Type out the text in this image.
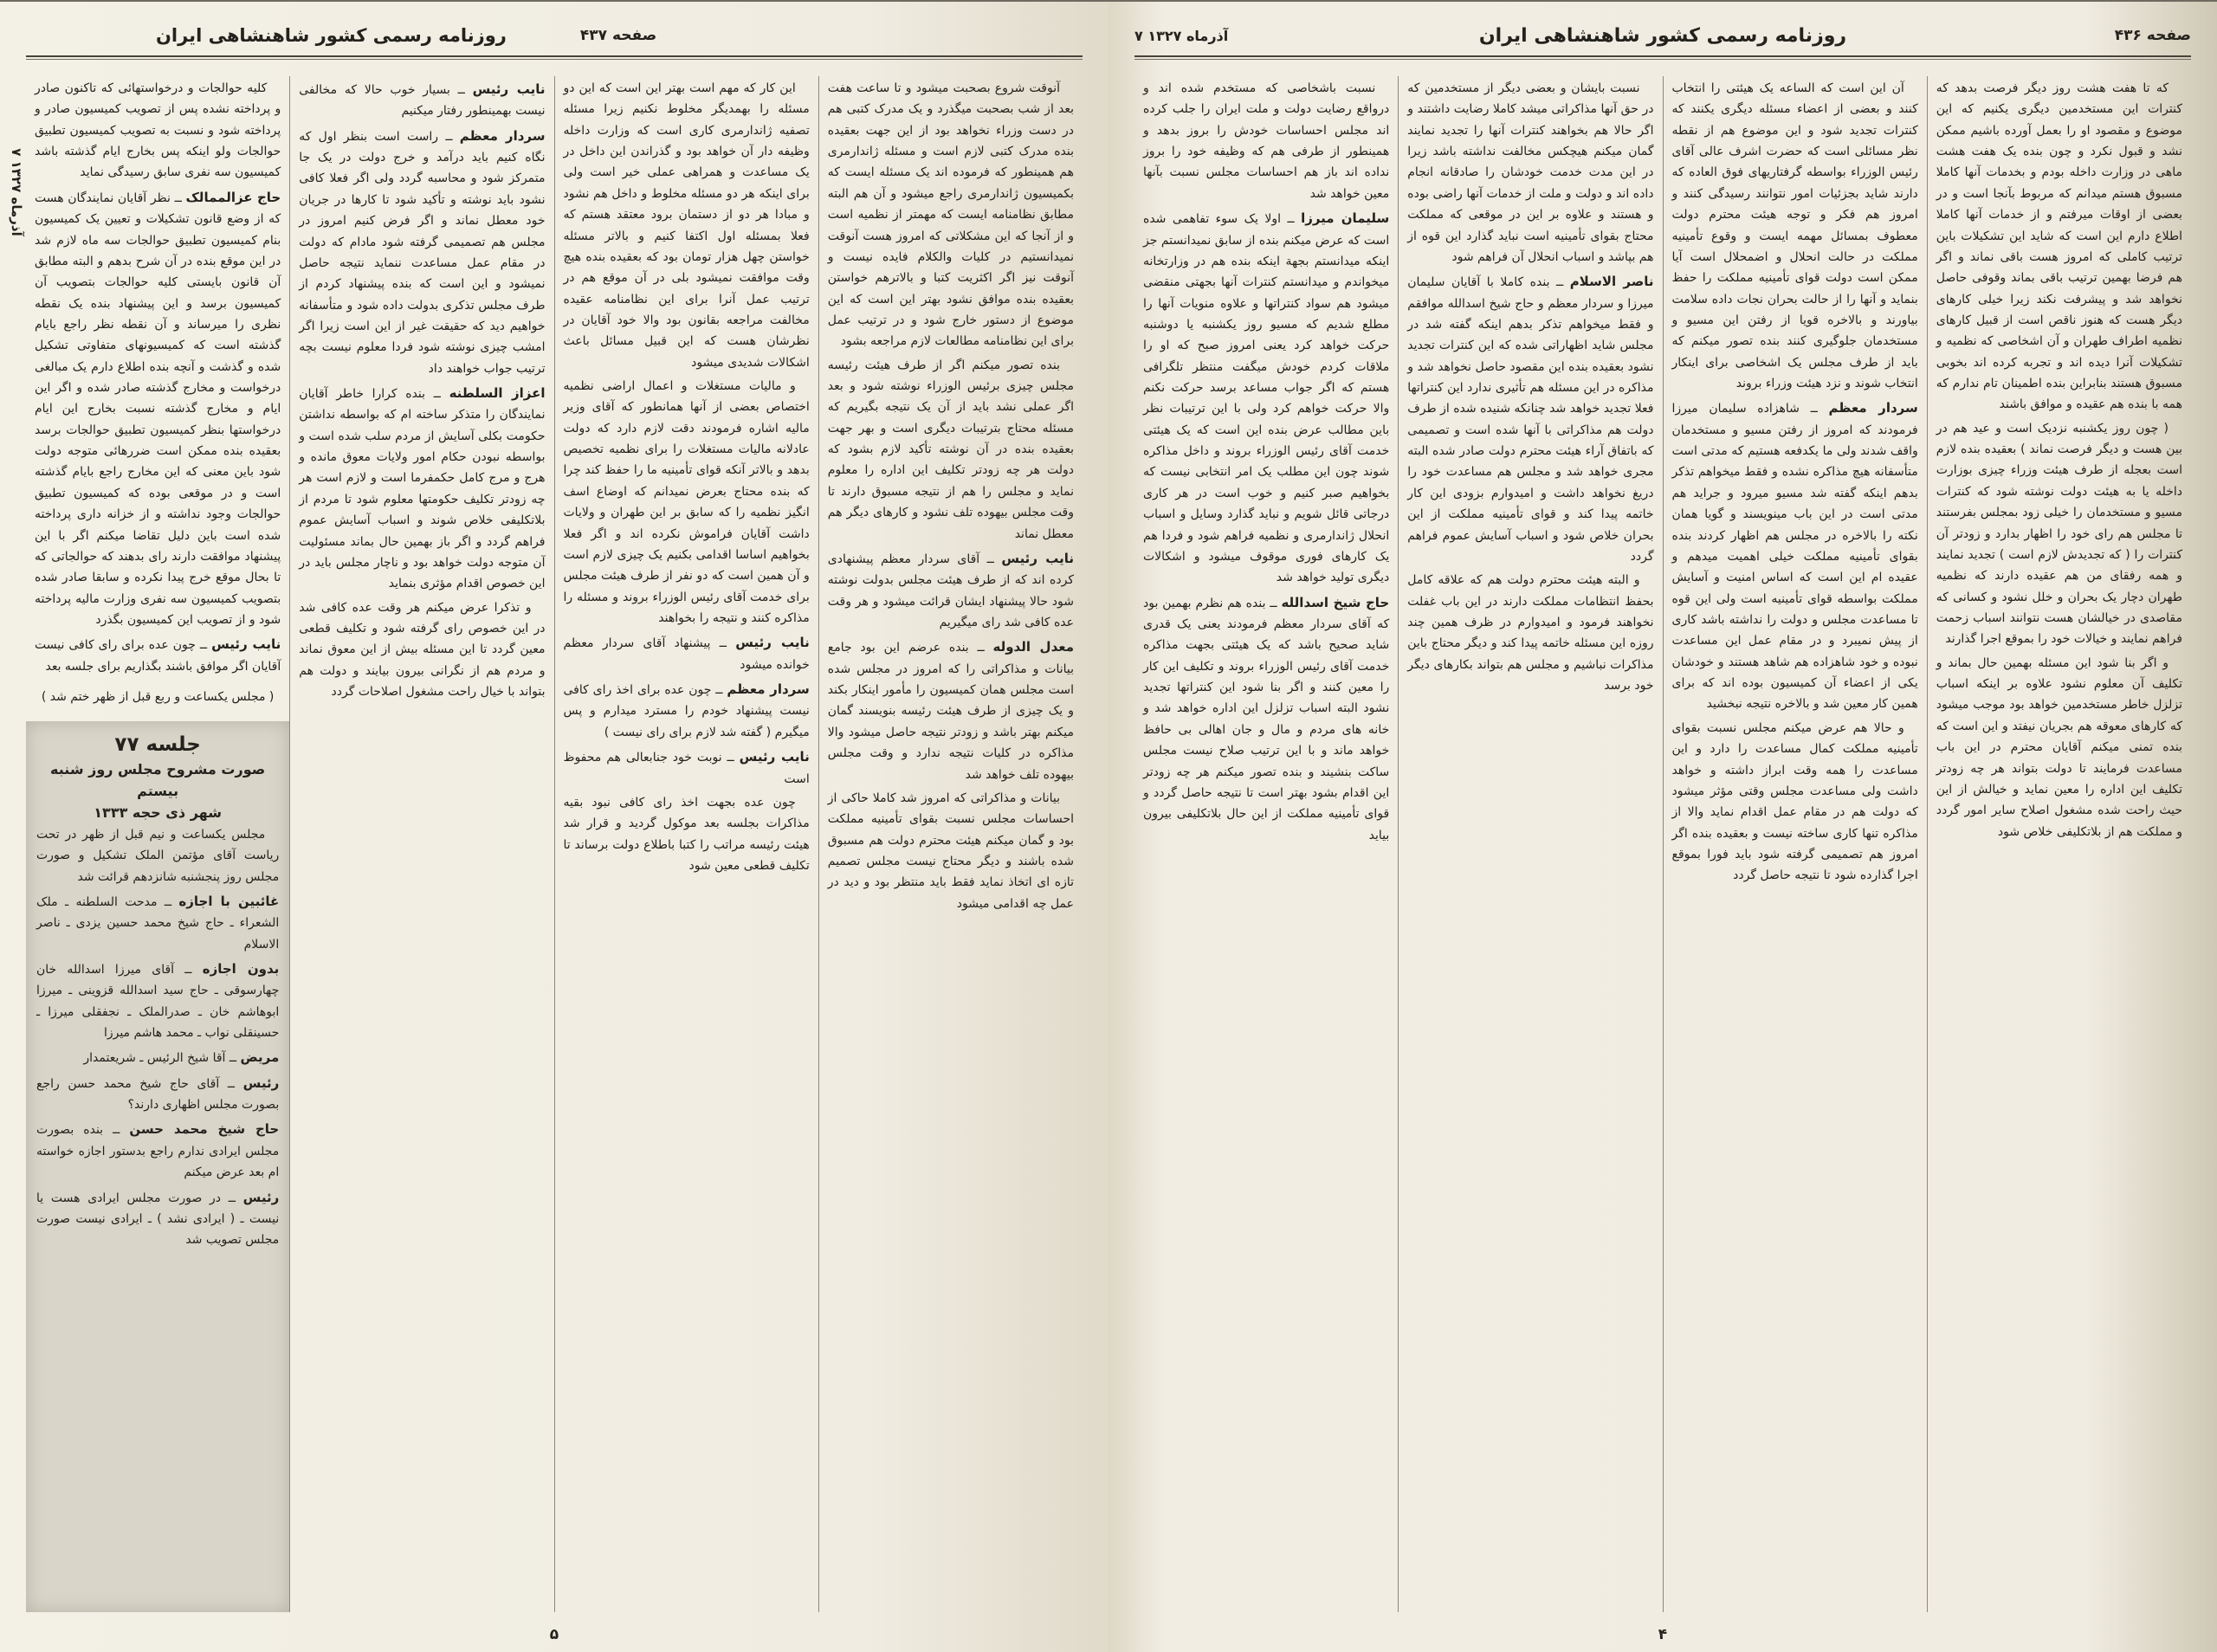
۷ آذرماه ۱۳۲۷
روزنامه رسمی کشور شاهنشاهی ایران	صفحه ۴۳۷

آنوقت شروع بصحبت میشود و تا ساعت هفت بعد از شب بصحبت میگذرد و یک مدرک کتبی هم در دست وزراء نخواهد بود از این جهت بعقیده بنده مدرک کتبی لازم است و مسئله ژاندارمری هم همینطور که فرموده اند یک مسئله ایست که بکمیسیون ژاندارمری راجع میشود و آن هم البته مطابق نظامنامه ایست که مهمتر از نظمیه است و از آنجا که این مشکلاتی که امروز هست آنوقت نمیدانستیم در کلیات والکلام فایده نیست و آنوقت نیز اگر اکثریت کتبا و بالاترهم خواستن بعقیده بنده موافق نشود بهتر این است که این موضوع از دستور خارج شود و در ترتیب عمل برای این نظامنامه مطالعات لازم مراجعه بشود

بنده تصور میکنم اگر از طرف هیئت رئیسه مجلس چیزی برئیس الوزراء نوشته شود و بعد اگر عملی نشد باید از آن یک نتیجه بگیریم که مسئله محتاج بترتیبات دیگری است و بهر جهت بعقیده بنده در آن نوشته تأکید لازم بشود که دولت هر چه زودتر تکلیف این اداره را معلوم نماید و مجلس را هم از نتیجه مسبوق دارند تا وقت مجلس بیهوده تلف نشود و کارهای دیگر هم معطل نماند

نایب رئیس ــ آقای سردار معظم پیشنهادی کرده اند که از طرف هیئت مجلس بدولت نوشته شود حالا پیشنهاد ایشان قرائت میشود و هر وقت عده کافی شد رای میگیریم

معدل الدوله ــ بنده عرضم این بود جامع بیانات و مذاکراتی را که امروز در مجلس شده است مجلس همان کمیسیون را مأمور اینکار بکند و یک چیزی از طرف هیئت رئیسه بنویسند گمان میکنم بهتر باشد و زودتر نتیجه حاصل میشود والا مذاکره در کلیات نتیجه ندارد و وقت مجلس بیهوده تلف خواهد شد

بیانات و مذاکراتی که امروز شد کاملا حاکی از احساسات مجلس نسبت بقوای تأمینیه مملکت بود و گمان میکنم هیئت محترم دولت هم مسبوق شده باشند و دیگر محتاج نیست مجلس تصمیم تازه ای اتخاذ نماید فقط باید منتظر بود و دید در عمل چه اقدامی میشود

این کار که مهم است بهتر این است که این دو مسئله را بهمدیگر مخلوط نکنیم زیرا مسئله تصفیه ژاندارمری کاری است که وزارت داخله وظیفه دار آن خواهد بود و گذراندن این داخل در یک مساعدت و همراهی عملی خیر است ولی برای اینکه هر دو مسئله مخلوط و داخل هم نشود و مبادا هر دو از دستمان برود معتقد هستم که فعلا بمسئله اول اکتفا کنیم و بالاتر مسئله خواستن چهل هزار تومان بود که بعقیده بنده هیچ وقت موافقت نمیشود بلی در آن موقع هم در ترتیب عمل آنرا برای این نظامنامه عقیده مخالفت مراجعه بقانون بود والا خود آقایان در نظرشان هست که این قبیل مسائل باعث اشکالات شدیدی میشود

و مالیات مستغلات و اعمال اراضی نظمیه اختصاص بعضی از آنها همانطور که آقای وزیر مالیه اشاره فرمودند دقت لازم دارد که دولت عادلانه مالیات مستغلات را برای نظمیه تخصیص بدهد و بالاتر آنکه قوای تأمینیه ما را حفظ کند چرا که بنده محتاج بعرض نمیدانم که اوضاع اسف انگیز نظمیه را که سابق بر این طهران و ولایات داشت آقایان فراموش نکرده اند و اگر فعلا بخواهیم اساسا اقدامی بکنیم یک چیزی لازم است و آن همین است که دو نفر از طرف هیئت مجلس برای خدمت آقای رئیس الوزراء بروند و مسئله را مذاکره کنند و نتیجه را بخواهند

نایب رئیس ــ پیشنهاد آقای سردار معظم خوانده میشود

سردار معظم ــ چون عده برای اخذ رای کافی نیست پیشنهاد خودم را مسترد میدارم و پس میگیرم ( گفته شد لازم برای رای نیست )

نایب رئیس ــ نوبت خود جنابعالی هم محفوظ است

چون عده بجهت اخذ رای کافی نبود بقیه مذاکرات بجلسه بعد موکول گردید و قرار شد هیئت رئیسه مراتب را کتبا باطلاع دولت برساند تا تکلیف قطعی معین شود

نایب رئیس ــ بسیار خوب حالا که مخالفی نیست بهمینطور رفتار میکنیم

سردار معظم ــ راست است بنظر اول که نگاه کنیم باید درآمد و خرج دولت در یک جا متمرکز شود و محاسبه گردد ولی اگر فعلا کافی نشود باید نوشته و تأکید شود تا کارها در جریان خود معطل نماند و اگر فرض کنیم امروز در مجلس هم تصمیمی گرفته شود مادام که دولت در مقام عمل مساعدت ننماید نتیجه حاصل نمیشود و این است که بنده پیشنهاد کردم از طرف مجلس تذکری بدولت داده شود و متأسفانه خواهیم دید که حقیقت غیر از این است زیرا اگر امشب چیزی نوشته شود فردا معلوم نیست بچه ترتیب جواب خواهند داد

اعزاز السلطنه ــ بنده کرارا خاطر آقایان نمایندگان را متذکر ساخته ام که بواسطه نداشتن حکومت بکلی آسایش از مردم سلب شده است و بواسطه نبودن حکام امور ولایات معوق مانده و هرج و مرج کامل حکمفرما است و لازم است هر چه زودتر تکلیف حکومتها معلوم شود تا مردم از بلاتکلیفی خلاص شوند و اسباب آسایش عموم فراهم گردد و اگر باز بهمین حال بماند مسئولیت آن متوجه دولت خواهد بود و ناچار مجلس باید در این خصوص اقدام مؤثری بنماید

و تذکرا عرض میکنم هر وقت عده کافی شد در این خصوص رای گرفته شود و تکلیف قطعی معین گردد تا این مسئله بیش از این معوق نماند و مردم هم از نگرانی بیرون بیایند و دولت هم بتواند با خیال راحت مشغول اصلاحات گردد

کلیه حوالجات و درخواستهائی که تاکنون صادر و پرداخته نشده پس از تصویب کمیسیون صادر و پرداخته شود و نسبت به تصویب کمیسیون تطبیق حوالجات ولو اینکه پس بخارج ایام گذشته باشد کمیسیون سه نفری سابق رسیدگی نماید

حاج عزالممالک ــ نظر آقایان نمایندگان هست که از وضع قانون تشکیلات و تعیین یک کمیسیون بنام کمیسیون تطبیق حوالجات سه ماه لازم شد در این موقع بنده در آن شرح بدهم و البته مطابق آن قانون بایستی کلیه حوالجات بتصویب آن کمیسیون برسد و این پیشنهاد بنده یک نقطه نظری را میرساند و آن نقطه نظر راجع بایام گذشته است که کمیسیونهای متفاوتی تشکیل شده و گذشت و آنچه بنده اطلاع دارم یک مبالغی درخواست و مخارج گذشته صادر شده و اگر این ایام و مخارج گذشته نسبت بخارج این ایام درخواستها بنظر کمیسیون تطبیق حوالجات برسد بعقیده بنده ممکن است ضررهائی متوجه دولت شود باین معنی که این مخارج راجع بایام گذشته است و در موقعی بوده که کمیسیون تطبیق حوالجات وجود نداشته و از خزانه داری پرداخته شده است باین دلیل تقاضا میکنم اگر با این پیشنهاد موافقت دارند رای بدهند که حوالجاتی که تا بحال موقع خرج پیدا نکرده و سابقا صادر شده بتصویب کمیسیون سه نفری وزارت مالیه پرداخته شود و از تصویب این کمیسیون بگذرد

نایب رئیس ــ چون عده برای رای کافی نیست آقایان اگر موافق باشند بگذاریم برای جلسه بعد

( مجلس یکساعت و ربع قبل از ظهر ختم شد )

جلسه ۷۷
صورت مشروح مجلس روز شنبه بیستم
شهر ذی حجه ۱۳۳۳

مجلس یکساعت و نیم قبل از ظهر در تحت ریاست آقای مؤتمن الملک تشکیل و صورت مجلس روز پنجشنبه شانزدهم قرائت شد

غائبین با اجازه ــ مدحت السلطنه ـ ملک الشعراء ـ حاج شیخ محمد حسین یزدی ـ ناصر الاسلام

بدون اجازه ــ آقای میرزا اسدالله خان چهارسوقی ـ حاج سید اسدالله قزوینی ـ میرزا ابوهاشم خان ـ صدرالملک ـ نجفقلی میرزا ـ حسینقلی نواب ـ محمد هاشم میرزا

مریض ــ آقا شیخ الرئیس ـ شریعتمدار

رئیس ــ آقای حاج شیخ محمد حسن راجع بصورت مجلس اظهاری دارند؟

حاج شیخ محمد حسن ــ بنده بصورت مجلس ایرادی ندارم راجع بدستور اجازه خواسته ام بعد عرض میکنم

رئیس ــ در صورت مجلس ایرادی هست یا نیست ـ ( ایرادی نشد ) ـ ایرادی نیست صورت مجلس تصویب شد

۵
۷ آذرماه ۱۳۲۷	روزنامه رسمی کشور شاهنشاهی ایران	صفحه ۴۳۶

که تا هفت هشت روز دیگر فرصت بدهد که کنترات این مستخدمین دیگری یکنیم که این موضوع و مقصود او را بعمل آورده باشیم ممکن نشد و قبول نکرد و چون بنده یک هفت هشت ماهی در وزارت داخله بودم و بخدمات آنها کاملا مسبوق هستم میدانم که مربوط بآنجا است و در بعضی از اوقات میرفتم و از خدمات آنها کاملا اطلاع دارم این است که شاید این تشکیلات باین ترتیب کاملی که امروز هست باقی نماند و اگر هم فرضا بهمین ترتیب باقی بماند وقوفی حاصل نخواهد شد و پیشرفت نکند زیرا خیلی کارهای دیگر هست که هنوز ناقص است از قبیل کارهای نظمیه اطراف طهران و آن اشخاصی که نظمیه و تشکیلات آنرا دیده اند و تجربه کرده اند بخوبی مسبوق هستند بنابراین بنده اطمینان تام ندارم که همه با بنده هم عقیده و موافق باشند

( چون روز یکشنبه نزدیک است و عید هم در بین هست و دیگر فرصت نماند ) بعقیده بنده لازم است بعجله از طرف هیئت وزراء چیزی بوزارت داخله یا به هیئت دولت نوشته شود که کنترات مسیو و مستخدمان را خیلی زود بمجلس بفرستند تا مجلس هم رای خود را اظهار بدارد و زودتر آن کنترات را ( که تجدیدش لازم است ) تجدید نمایند و همه رفقای من هم عقیده دارند که نظمیه طهران دچار یک بحران و خلل نشود و کسانی که مقاصدی در خیالشان هست نتوانند اسباب زحمت فراهم نمایند و خیالات خود را بموقع اجرا گذارند

و اگر بنا شود این مسئله بهمین حال بماند و تکلیف آن معلوم نشود علاوه بر اینکه اسباب تزلزل خاطر مستخدمین خواهد بود موجب میشود که کارهای معوقه هم بجریان نیفتد و این است که بنده تمنی میکنم آقایان محترم در این باب مساعدت فرمایند تا دولت بتواند هر چه زودتر تکلیف این اداره را معین نماید و خیالش از این حیث راحت شده مشغول اصلاح سایر امور گردد و مملکت هم از بلاتکلیفی خلاص شود

آن این است که الساعه یک هیئتی را انتخاب کنند و بعضی از اعضاء مسئله دیگری یکنند که کنترات تجدید شود و این موضوع هم از نقطه نظر مسائلی است که حضرت اشرف عالی آقای رئیس الوزراء بواسطه گرفتاریهای فوق العاده که دارند شاید بجزئیات امور نتوانند رسیدگی کنند و امروز هم فکر و توجه هیئت محترم دولت معطوف بمسائل مهمه ایست و وقوع تأمینیه مملکت در حالت انحلال و اضمحلال است آیا ممکن است دولت قوای تأمینیه مملکت را حفظ بنماید و آنها را از حالت بحران نجات داده سلامت بیاورند و بالاخره قویا از رفتن این مسیو و مستخدمان جلوگیری کنند بنده تصور میکنم که باید از طرف مجلس یک اشخاصی برای اینکار انتخاب شوند و نزد هیئت وزراء بروند

سردار معظم ــ شاهزاده سلیمان میرزا فرمودند که امروز از رفتن مسیو و مستخدمان واقف شدند ولی ما یکدفعه هستیم که مدتی است متأسفانه هیچ مذاکره نشده و فقط میخواهم تذکر بدهم اینکه گفته شد مسیو میرود و جراید هم مدتی است در این باب مینویسند و گویا همان نکته را بالاخره در مجلس هم اظهار کردند بنده بقوای تأمینیه مملکت خیلی اهمیت میدهم و عقیده ام این است که اساس امنیت و آسایش مملکت بواسطه قوای تأمینیه است ولی این قوه تا مساعدت مجلس و دولت را نداشته باشد کاری از پیش نمیبرد و در مقام عمل این مساعدت نبوده و خود شاهزاده هم شاهد هستند و خودشان یکی از اعضاء آن کمیسیون بوده اند که برای همین کار معین شد و بالاخره نتیجه نبخشید

و حالا هم عرض میکنم مجلس نسبت بقوای تأمینیه مملکت کمال مساعدت را دارد و این مساعدت را همه وقت ابراز داشته و خواهد داشت ولی مساعدت مجلس وقتی مؤثر میشود که دولت هم در مقام عمل اقدام نماید والا از مذاکره تنها کاری ساخته نیست و بعقیده بنده اگر امروز هم تصمیمی گرفته شود باید فورا بموقع اجرا گذارده شود تا نتیجه حاصل گردد

نسبت بایشان و بعضی دیگر از مستخدمین که در حق آنها مذاکراتی میشد کاملا رضایت داشتند و اگر حالا هم بخواهند کنترات آنها را تجدید نمایند گمان میکنم هیچکس مخالفت نداشته باشد زیرا در این مدت خدمت خودشان را صادقانه انجام داده اند و دولت و ملت از خدمات آنها راضی بوده و هستند و علاوه بر این در موقعی که مملکت محتاج بقوای تأمینیه است نباید گذارد این قوه از هم بپاشد و اسباب انحلال آن فراهم شود

ناصر الاسلام ــ بنده کاملا با آقایان سلیمان میرزا و سردار معظم و حاج شیخ اسدالله موافقم و فقط میخواهم تذکر بدهم اینکه گفته شد در مجلس شاید اظهاراتی شده که این کنترات تجدید نشود بعقیده بنده این مقصود حاصل نخواهد شد و مذاکره در این مسئله هم تأثیری ندارد این کنتراتها فعلا تجدید خواهد شد چنانکه شنیده شده از طرف دولت هم مذاکراتی با آنها شده است و تصمیمی که باتفاق آراء هیئت محترم دولت صادر شده البته مجری خواهد شد و مجلس هم مساعدت خود را دریغ نخواهد داشت و امیدوارم بزودی این کار خاتمه پیدا کند و قوای تأمینیه مملکت از این بحران خلاص شود و اسباب آسایش عموم فراهم گردد

و البته هیئت محترم دولت هم که علاقه کامل بحفظ انتظامات مملکت دارند در این باب غفلت نخواهند فرمود و امیدوارم در ظرف همین چند روزه این مسئله خاتمه پیدا کند و دیگر محتاج باین مذاکرات نباشیم و مجلس هم بتواند بکارهای دیگر خود برسد

نسبت باشخاصی که مستخدم شده اند و درواقع رضایت دولت و ملت ایران را جلب کرده اند مجلس احساسات خودش را بروز بدهد و همینطور از طرفی هم که وظیفه خود را بروز نداده اند باز هم احساسات مجلس نسبت بآنها معین خواهد شد

سلیمان میرزا ــ اولا یک سوء تفاهمی شده است که عرض میکنم بنده از سابق نمیدانستم جز اینکه میدانستم بجهة اینکه بنده هم در وزارتخانه میخواندم و میدانستم کنترات آنها بجهتی منقضی میشود هم سواد کنتراتها و علاوه منویات آنها را مطلع شدیم که مسیو روز یکشنبه یا دوشنبه حرکت خواهد کرد یعنی امروز صبح که او را ملاقات کردم خودش میگفت منتظر تلگرافی هستم که اگر جواب مساعد برسد حرکت نکنم والا حرکت خواهم کرد ولی با این ترتیبات نظر باین مطالب عرض بنده این است که یک هیئتی خدمت آقای رئیس الوزراء بروند و داخل مذاکره شوند چون این مطلب یک امر انتخابی نیست که بخواهیم صبر کنیم و خوب است در هر کاری درجاتی قائل شویم و نباید گذارد وسایل و اسباب انحلال ژاندارمری و نظمیه فراهم شود و فردا هم یک کارهای فوری موقوف میشود و اشکالات دیگری تولید خواهد شد

حاج شیخ اسدالله ــ بنده هم نظرم بهمین بود که آقای سردار معظم فرمودند یعنی یک قدری شاید صحیح باشد که یک هیئتی بجهت مذاکره خدمت آقای رئیس الوزراء بروند و تکلیف این کار را معین کنند و اگر بنا شود این کنتراتها تجدید نشود البته اسباب تزلزل این اداره خواهد شد و خانه های مردم و مال و جان اهالی بی حافظ خواهد ماند و با این ترتیب صلاح نیست مجلس ساکت بنشیند و بنده تصور میکنم هر چه زودتر این اقدام بشود بهتر است تا نتیجه حاصل گردد و قوای تأمینیه مملکت از این حال بلاتکلیفی بیرون بیاید

۴
